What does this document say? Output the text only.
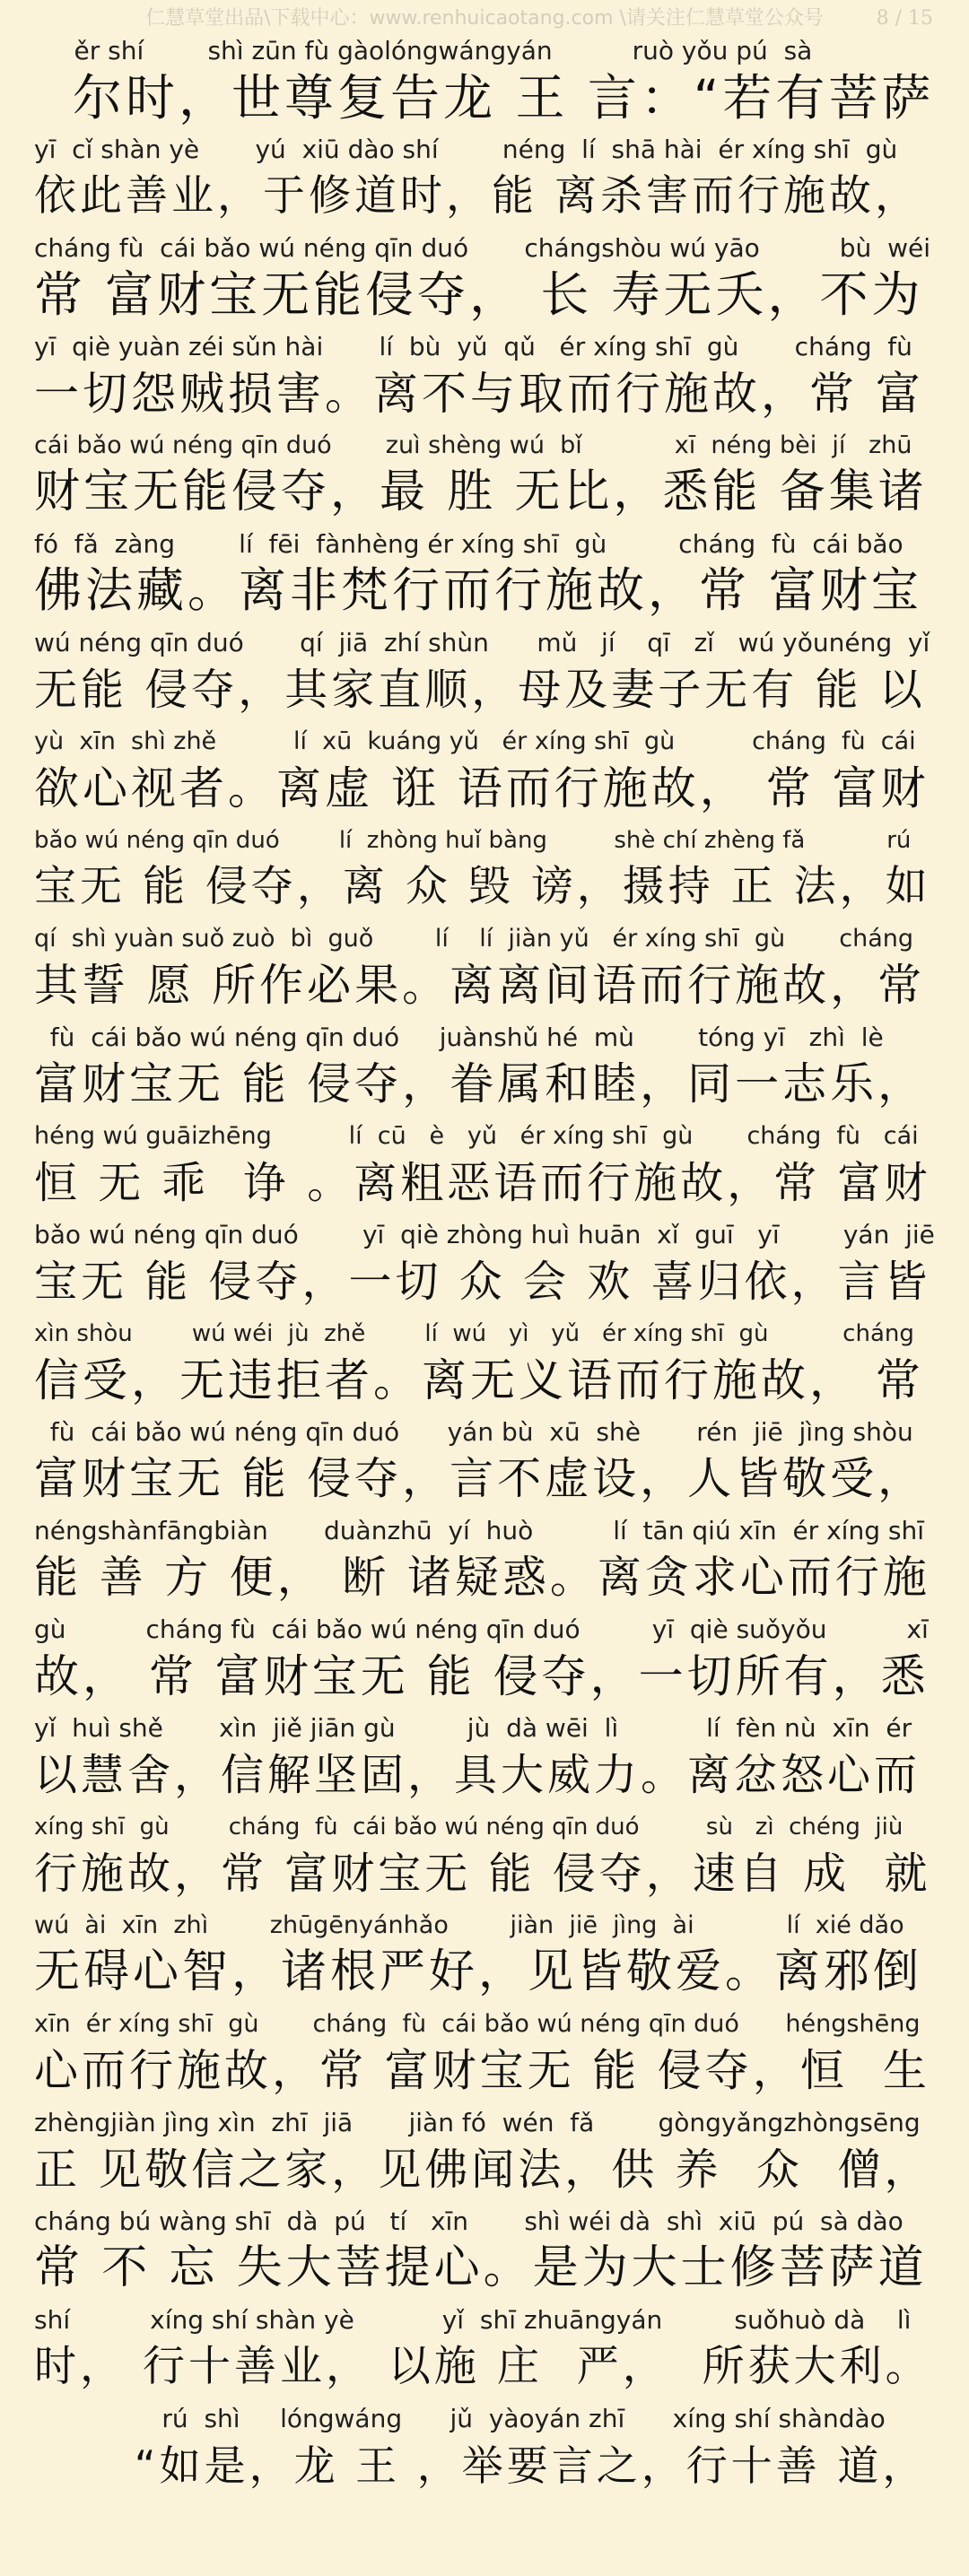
仁慧草堂出品\下载中心：www.renhuicaotang.com \请关注仁慧草堂公众号	8 / 15
ěr shí        shì zūn fù gàolóngwángyán          ruò yǒu pú  sà
尔时，世尊复告龙 王 言：“若有菩萨
yī  cǐ shàn yè       yú  xiū dào shí        néng  lí  shā hài  ér xíng shī  gù
依此善业，于修道时，能 离杀害而行施故，
cháng fù  cái bǎo wú néng qīn duó       chángshòu wú yāo          bù  wéi
常 富财宝无能侵夺， 长 寿无夭，不为
yī  qiè yuàn zéi sǔn hài       lí  bù  yǔ  qǔ   ér xíng shī  gù       cháng  fù
一切怨贼损害。离不与取而行施故，常 富
cái bǎo wú néng qīn duó       zuì shèng wú  bǐ            xī  néng bèi  jí   zhū
财宝无能侵夺，最 胜 无比，悉能 备集诸
fó  fǎ  zàng        lí  fēi  fànhèng ér xíng shī  gù         cháng  fù  cái bǎo
佛法藏。离非梵行而行施故，常 富财宝
wú néng qīn duó       qí  jiā  zhí shùn      mǔ   jí    qī   zǐ   wú yǒunéng  yǐ
无能 侵夺，其家直顺，母及妻子无有 能 以
yù  xīn  shì zhě          lí  xū  kuáng yǔ   ér xíng shī  gù          cháng  fù  cái
欲心视者。离虚 诳 语而行施故， 常 富财
bǎo wú néng qīn duó        lí  zhòng huǐ bàng         shè chí zhèng fǎ           rú
宝无 能 侵夺，离 众 毁 谤，摄持 正 法，如
qí  shì yuàn suǒ zuò  bì  guǒ        lí    lí  jiàn yǔ   ér xíng shī  gù       cháng
其誓 愿 所作必果。离离间语而行施故，常
fù  cái bǎo wú néng qīn duó     juànshǔ hé  mù        tóng yī   zhì  lè
富财宝无 能 侵夺，眷属和睦，同一志乐，
héng wú guāizhēng          lí  cū   è   yǔ   ér xíng shī  gù       cháng  fù   cái
恒 无 乖  诤 。离粗恶语而行施故，常 富财
bǎo wú néng qīn duó        yī  qiè zhòng huì huān  xǐ  guī   yī        yán  jiē
宝无 能 侵夺，一切 众 会 欢 喜归依，言皆
xìn shòu        wú wéi  jù  zhě        lí  wú   yì   yǔ   ér xíng shī  gù          cháng
信受，无违拒者。离无义语而行施故， 常
fù  cái bǎo wú néng qīn duó      yán bù  xū  shè       rén  jiē  jìng shòu
富财宝无 能 侵夺，言不虚设，人皆敬受，
néngshànfāngbiàn       duànzhū  yí  huò          lí  tān qiú xīn  ér xíng shī
能 善 方 便， 断 诸疑惑。离贪求心而行施
gù          cháng fù  cái bǎo wú néng qīn duó         yī  qiè suǒyǒu          xī
故， 常 富财宝无 能 侵夺，一切所有，悉
yǐ  huì shě       xìn  jiě jiān gù         jù  dà wēi  lì           lí  fèn nù  xīn  ér
以慧舍，信解坚固，具大威力。离忿怒心而
xíng shī  gù        cháng  fù  cái bǎo wú néng qīn duó         sù   zì  chéng  jiù
行施故，常 富财宝无 能 侵夺，速自 成  就
wú  ài  xīn  zhì        zhūgēnyánhǎo        jiàn  jiē  jìng  ài            lí  xié dǎo
无碍心智，诸根严好，见皆敬爱。离邪倒
xīn  ér xíng shī  gù       cháng  fù  cái bǎo wú néng qīn duó      héngshēng
心而行施故，常 富财宝无 能 侵夺，恒  生
zhèngjiàn jìng xìn  zhī  jiā       jiàn fó  wén  fǎ        gòngyǎngzhòngsēng
正 见敬信之家，见佛闻法，供 养  众  僧，
cháng bú wàng shī  dà  pú   tí   xīn       shì wéi dà  shì  xiū  pú  sà dào
常 不 忘 失大菩提心。是为大士修菩萨道
shí          xíng shí shàn yè           yǐ  shī zhuāngyán         suǒhuò dà    lì
时， 行十善业， 以施 庄  严，  所获大利。
rú  shì     lóngwáng      jǔ  yàoyán zhī      xíng shí shàndào
“如是，龙 王 ，举要言之，行十善 道，
